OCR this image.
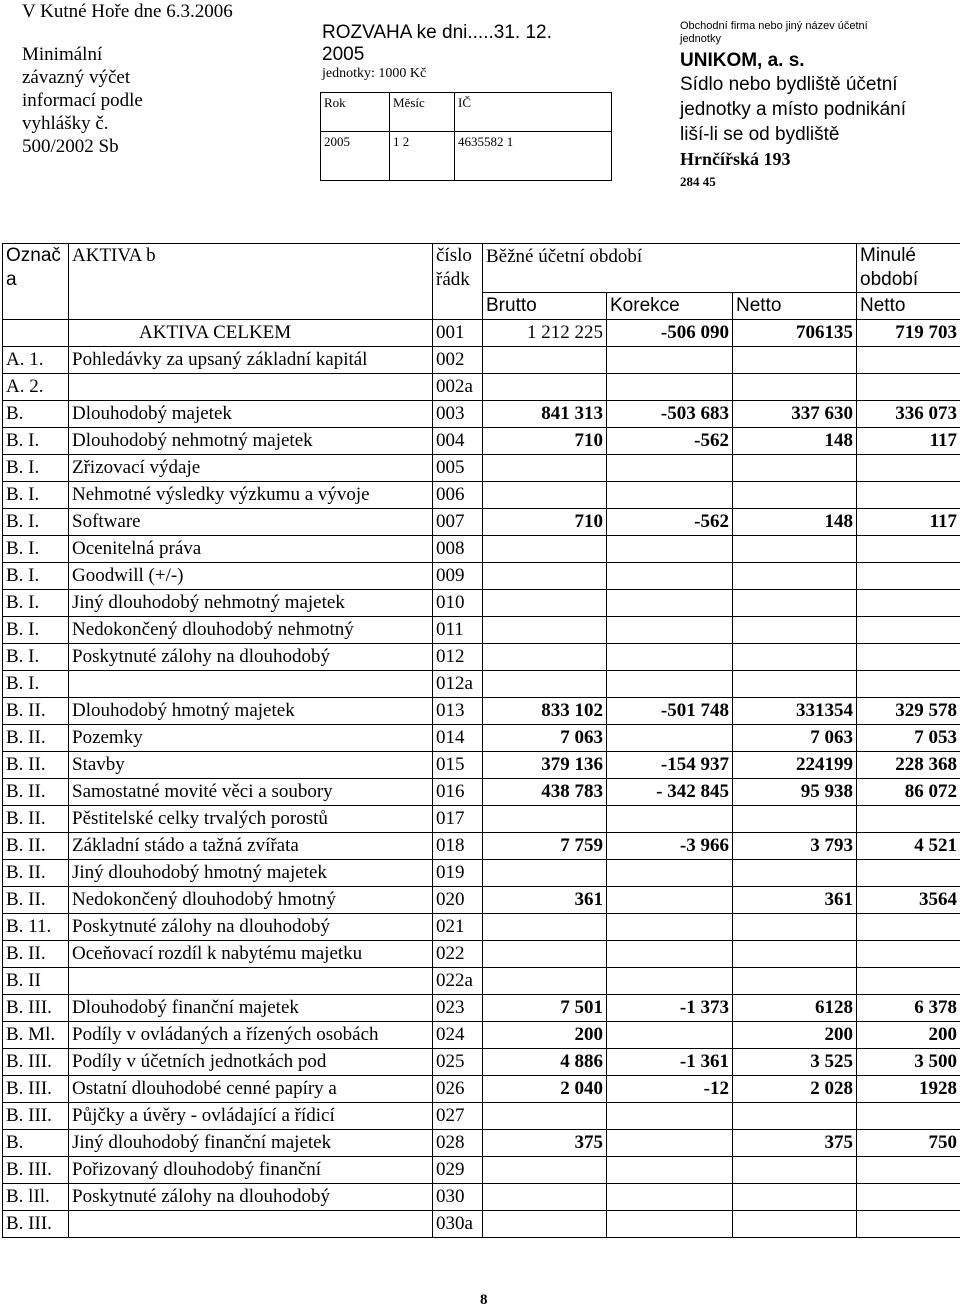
V Kutné Hoře dne 6.3.2006
Minimální
závazný výčet
informací podle
vyhlášky č.
500/2002 Sb
ROZVAHA ke dni.....31. 12.
2005
jednotky: 1000 Kč
Rok	Měsíc	IČ
2005	1 2	4635582 1
Obchodní firma nebo jiný název účetní jednotky
UNIKOM, a. s.
Sídlo nebo bydliště účetní jednotky a místo podnikání liší-li se od bydliště
Hrnčířská 193
284 45
Označ a	AKTIVA b	číslo řádk	Běžné účetní období			Minulé období
			Brutto	Korekce	Netto	Netto
	AKTIVA CELKEM	001	1 212 225	-506 090	706135	719 703
A. 1.	Pohledávky za upsaný základní kapitál	002				
A. 2.		002a				
B.	Dlouhodobý majetek	003	841 313	-503 683	337 630	336 073
B. I.	Dlouhodobý nehmotný majetek	004	710	-562	148	117
B. I.	Zřizovací výdaje	005				
B. I.	Nehmotné výsledky výzkumu a vývoje	006				
B. I.	Software	007	710	-562	148	117
B. I.	Ocenitelná práva	008				
B. I.	Goodwill (+/-)	009				
B. I.	Jiný dlouhodobý nehmotný majetek	010				
B. I.	Nedokončený dlouhodobý nehmotný	011				
B. I.	Poskytnuté zálohy na dlouhodobý	012				
B. I.		012a				
B. II.	Dlouhodobý hmotný majetek	013	833 102	-501 748	331354	329 578
B. II.	Pozemky	014	7 063		7 063	7 053
B. II.	Stavby	015	379 136	-154 937	224199	228 368
B. II.	Samostatné movité věci a soubory	016	438 783	- 342 845	95 938	86 072
B. II.	Pěstitelské celky trvalých porostů	017				
B. II.	Základní stádo a tažná zvířata	018	7 759	-3 966	3 793	4 521
B. II.	Jiný dlouhodobý hmotný majetek	019				
B. II.	Nedokončený dlouhodobý hmotný	020	361		361	3564
B. 11.	Poskytnuté zálohy na dlouhodobý	021				
B. II.	Oceňovací rozdíl k nabytému majetku	022				
B. II		022a				
B. III.	Dlouhodobý finanční majetek	023	7 501	-1 373	6128	6 378
B. Ml.	Podíly v ovládaných a řízených osobách	024	200		200	200
B. III.	Podíly v účetních jednotkách pod	025	4 886	-1 361	3 525	3 500
B. III.	Ostatní dlouhodobé cenné papíry a	026	2 040	-12	2 028	1928
B. III.	Půjčky a úvěry - ovládající a řídicí	027				
B.	Jiný dlouhodobý finanční majetek	028	375		375	750
B. III.	Pořizovaný dlouhodobý finanční	029				
B. lIl.	Poskytnuté zálohy na dlouhodobý	030				
B. III.		030a				
8
